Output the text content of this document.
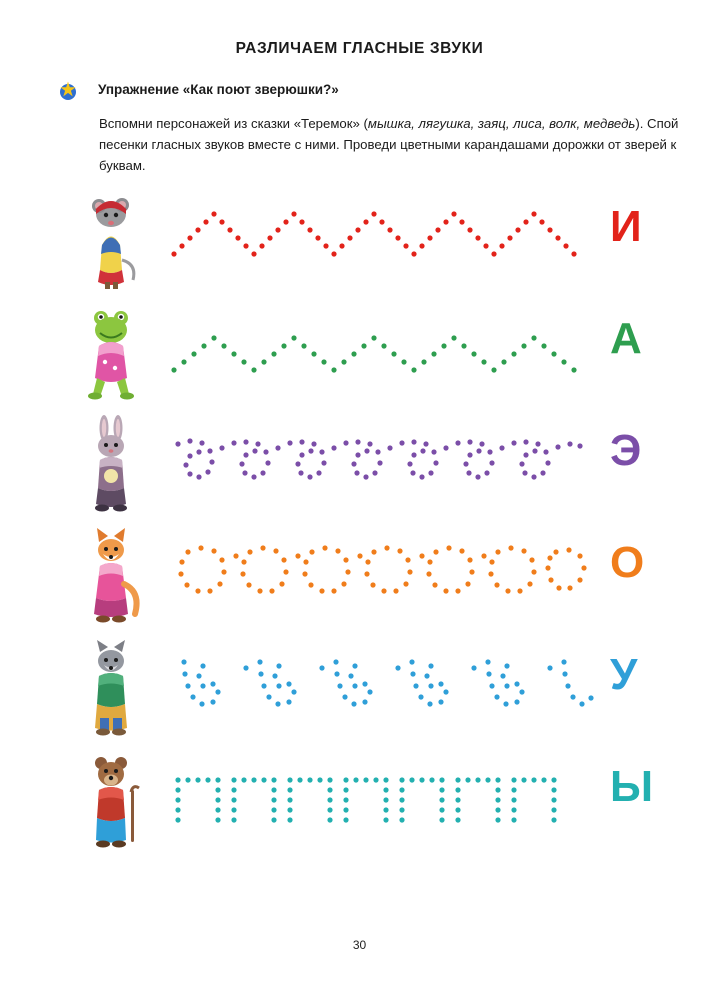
РАЗЛИЧАЕМ ГЛАСНЫЕ ЗВУКИ
Упражнение «Как поют зверюшки?»
Вспомни персонажей из сказки «Теремок» (мышка, лягушка, заяц, лиса, волк, медведь). Спой песенки гласных звуков вместе с ними. Проведи цветными карандашами дорожки от зверей к буквам.
И
А
Э
О
У
Ы
30
